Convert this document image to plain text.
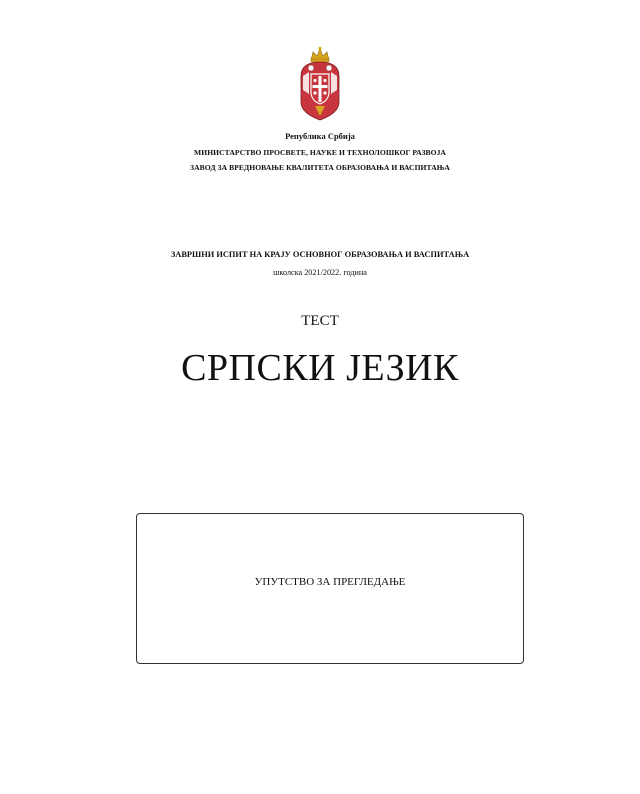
Република Србија
МИНИСТАРСТВО ПРОСВЕТЕ, НАУКЕ И ТЕХНОЛОШКОГ РАЗВОЈА
ЗАВОД ЗА ВРЕДНОВАЊЕ КВАЛИТЕТА ОБРАЗОВАЊА И ВАСПИТАЊА
ЗАВРШНИ ИСПИТ НА КРАЈУ ОСНОВНОГ ОБРАЗОВАЊА И ВАСПИТАЊА
школска 2021/2022. година
ТЕСТ
СРПСКИ ЈЕЗИК
УПУТСТВО ЗА ПРЕГЛЕДАЊЕ
